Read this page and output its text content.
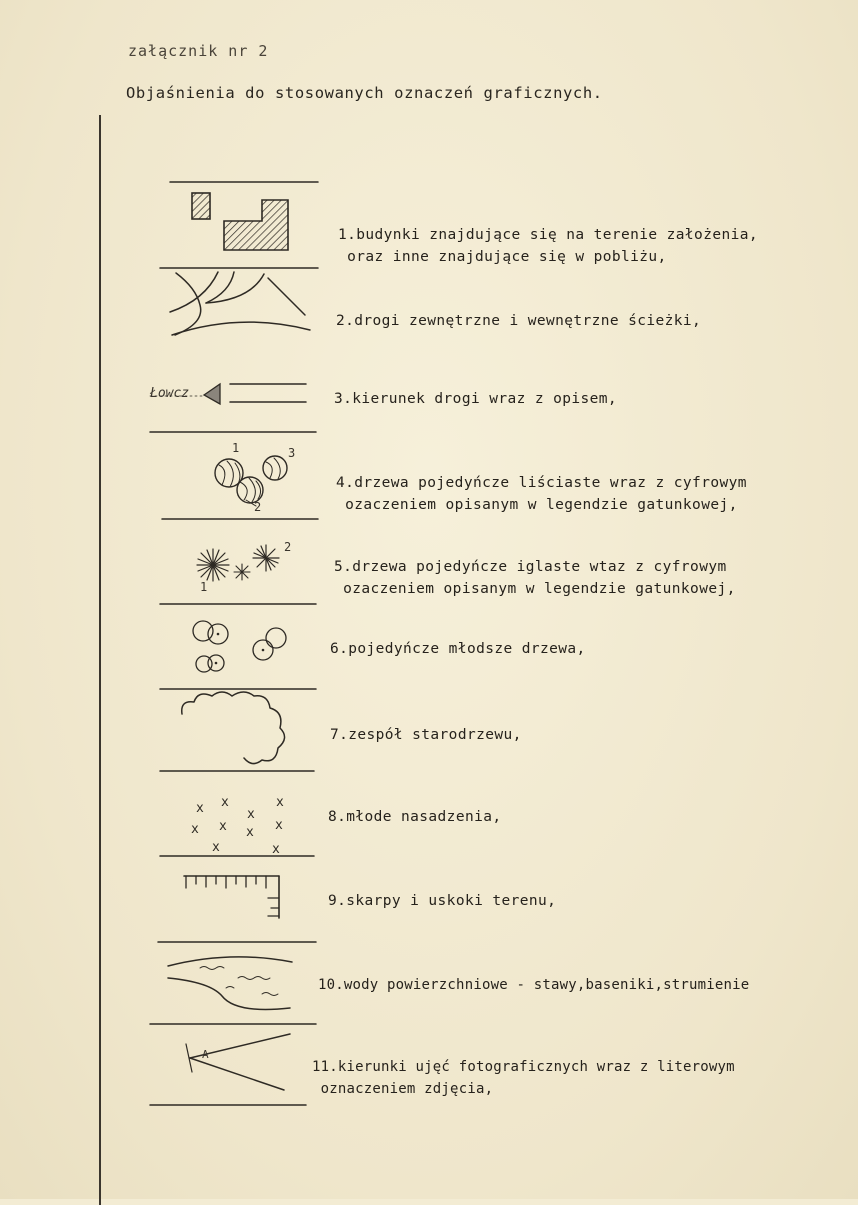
załącznik nr 2
Objaśnienia do stosowanych oznaczeń graficznych.
x x
x
x
x x x x
x	x
Łowcz
1
2
3
1
2
A
1.budynki znajdujące się na terenie założenia,
oraz inne znajdujące się w pobliżu,
2.drogi zewnętrzne i wewnętrzne ścieżki,
3.kierunek drogi wraz z opisem,
4.drzewa pojedyńcze liściaste wraz z cyfrowym
ozaczeniem opisanym w legendzie gatunkowej,
5.drzewa pojedyńcze iglaste wtaz z cyfrowym
ozaczeniem opisanym w legendzie gatunkowej,
6.pojedyńcze młodsze drzewa,
7.zespół starodrzewu,
8.młode nasadzenia,
9.skarpy i uskoki terenu,
10.wody powierzchniowe - stawy,baseniki,strumienie
11.kierunki ujęć fotograficznych wraz z literowym
oznaczeniem zdjęcia,
